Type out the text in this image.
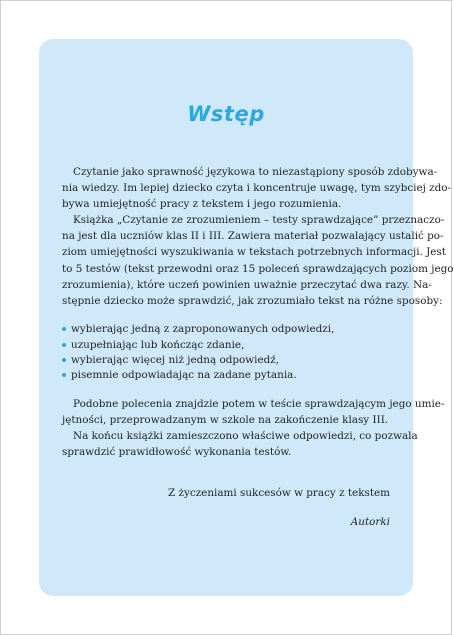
Wstęp
Czytanie jako sprawność językowa to niezastąpiony sposób zdobywa-
nia wiedzy. Im lepiej dziecko czyta i koncentruje uwagę, tym szybciej zdo-
bywa umiejętność pracy z tekstem i jego rozumienia.
Książka „Czytanie ze zrozumieniem – testy sprawdzające” przeznaczo-
na jest dla uczniów klas II i III. Zawiera materiał pozwalający ustalić po-
ziom umiejętności wyszukiwania w tekstach potrzebnych informacji. Jest
to 5 testów (tekst przewodni oraz 15 poleceń sprawdzających poziom jego
zrozumienia), które uczeń powinien uważnie przeczytać dwa razy. Na-
stępnie dziecko może sprawdzić, jak zrozumiało tekst na różne sposoby:
wybierając jedną z zaproponowanych odpowiedzi,
uzupełniając lub kończąc zdanie,
wybierając więcej niż jedną odpowiedź,
pisemnie odpowiadając na zadane pytania.
Podobne polecenia znajdzie potem w teście sprawdzającym jego umie-
jętności, przeprowadzanym w szkole na zakończenie klasy III.
Na końcu książki zamieszczono właściwe odpowiedzi, co pozwala
sprawdzić prawidłowość wykonania testów.
Z życzeniami sukcesów w pracy z tekstem
Autorki
